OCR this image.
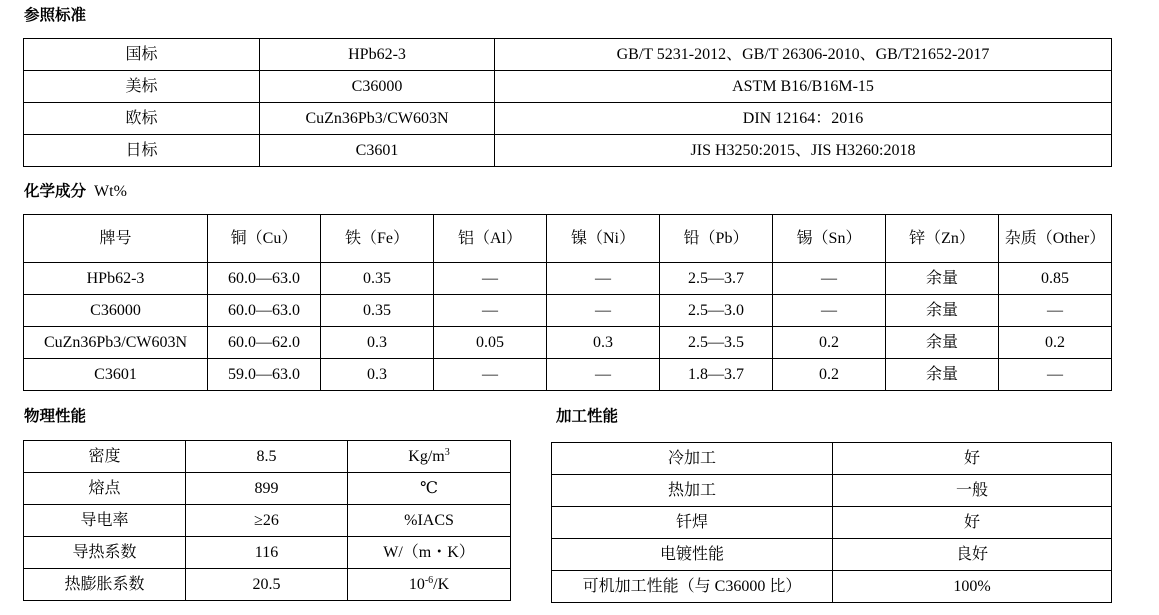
参照标准
国标	HPb62-3	GB/T 5231-2012、GB/T 26306-2010、GB/T21652-2017
美标	C36000	ASTM B16/B16M-15
欧标	CuZn36Pb3/CW603N	DIN 12164：2016
日标	C3601	JIS H3250:2015、JIS H3260:2018
化学成分 Wt%
牌号	铜（Cu）	铁（Fe）	铝（Al）	镍（Ni）	铅（Pb）	锡（Sn）	锌（Zn）	杂质（Other）
HPb62-3	60.0—63.0	0.35	—	—	2.5—3.7	—	余量	0.85
C36000	60.0—63.0	0.35	—	—	2.5—3.0	—	余量	—
CuZn36Pb3/CW603N	60.0—62.0	0.3	0.05	0.3	2.5—3.5	0.2	余量	0.2
C3601	59.0—63.0	0.3	—	—	1.8—3.7	0.2	余量	—
物理性能
密度	8.5	$Kg/m^3$
熔点	899	℃
导电率	≥26	%IACS
导热系数	116	W/（m・K）
热膨胀系数	20.5	$10^{-6}/K$
加工性能
冷加工	好
热加工	一般
钎焊	好
电镀性能	良好
可机加工性能（与 C36000 比）	100%
